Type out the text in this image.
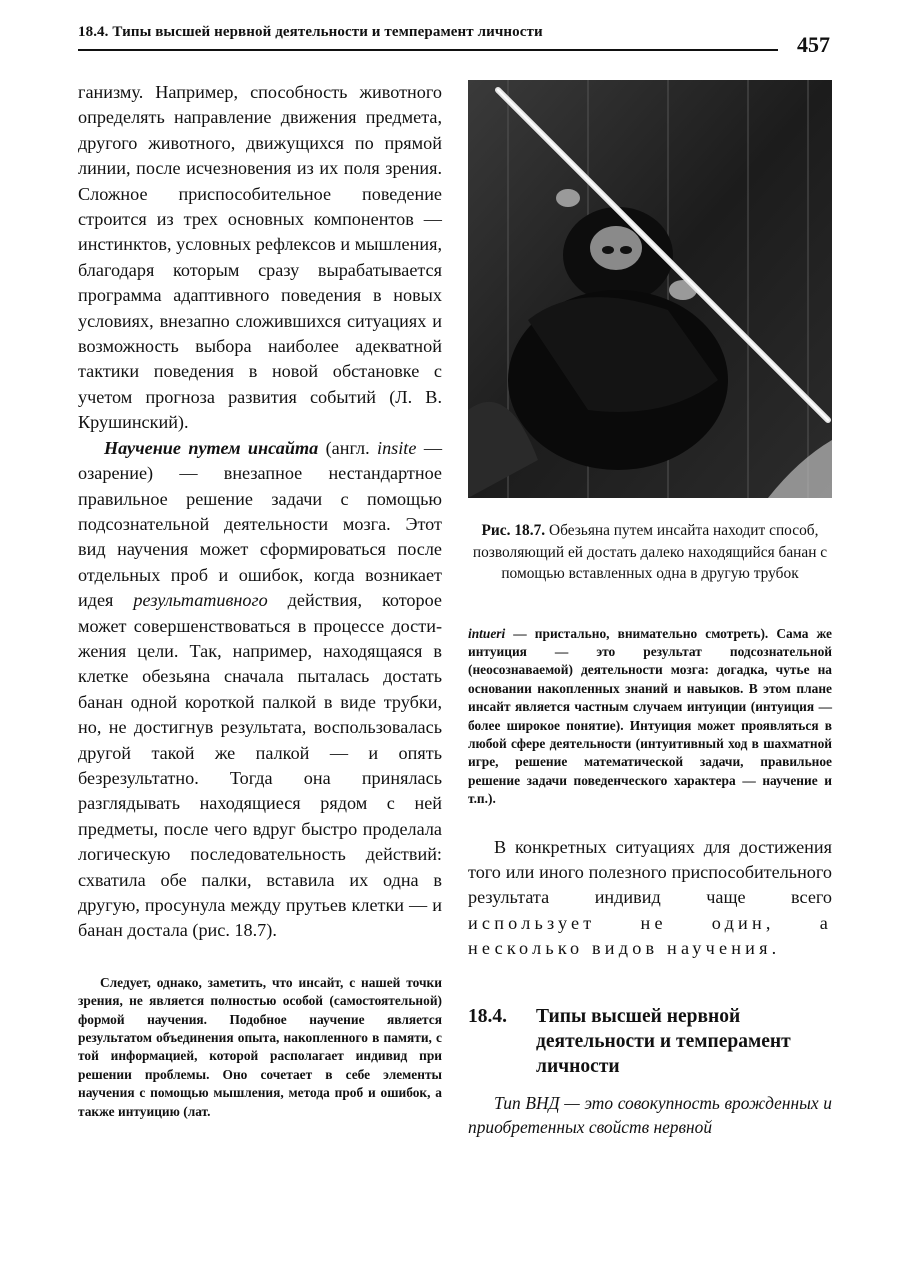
18.4. Типы высшей нервной деятельности и темперамент личности	457

ганизму. Например, способность животного определять направление движения предмета, другого животного, движущихся по прямой линии, после исчезновения из их поля зрения. Сложное приспособительное поведение строится из трех основных компонентов — инстинктов, условных рефлексов и мышления, благодаря которым сразу вырабатывается программа адаптивного поведения в новых условиях, внезапно сложившихся ситуациях и возможность выбора наиболее адекватной тактики поведения в новой обстановке с учетом прогноза развития событий (Л. В. Крушинский).

Научение путем инсайта (англ. insite — озарение) — внезапное нестандартное правильное решение задачи с помощью подсознательной деятельности мозга. Этот вид научения может сформироваться после отдельных проб и ошибок, когда возникает идея результативного действия, которое может совершенствоваться в процессе достижения цели. Так, например, находящаяся в клетке обезьяна сначала пыталась достать банан одной короткой палкой в виде трубки, но, не достигнув результата, воспользовалась другой такой же палкой — и опять безрезультатно. Тогда она принялась разглядывать находящиеся рядом с ней предметы, после чего вдруг быстро проделала логическую последовательность действий: схватила обе палки, вставила их одна в другую, просунула между прутьев клетки — и банан достала (рис. 18.7).

Следует, однако, заметить, что инсайт, с нашей точки зрения, не является полностью особой (самостоятельной) формой научения. Подобное научение является результатом объединения опыта, накопленного в памяти, с той информацией, которой располагает индивид при решении проблемы. Оно сочетает в себе элементы научения с помощью мышления, метода проб и ошибок, а также интуицию (лат.

Рис. 18.7. Обезьяна путем инсайта находит способ, позволяющий ей достать далеко находящийся банан с помощью вставленных одна в другую трубок

intueri — пристально, внимательно смотреть). Сама же интуиция — это результат подсознательной (неосознаваемой) деятельности мозга: догадка, чутье на основании накопленных знаний и навыков. В этом плане инсайт является частным случаем интуиции (интуиция — более широкое понятие). Интуиция может проявляться в любой сфере деятельности (интуитивный ход в шахматной игре, решение математической задачи, правильное решение задачи поведенческого характера — научение и т.п.).

В конкретных ситуациях для достижения того или иного полезного приспособительного результата индивид чаще всего использует не один, а несколько видов научения.

18.4.	Типы высшей нервной деятельности и темперамент личности

Тип ВНД — это совокупность врожденных и приобретенных свойств нервной
